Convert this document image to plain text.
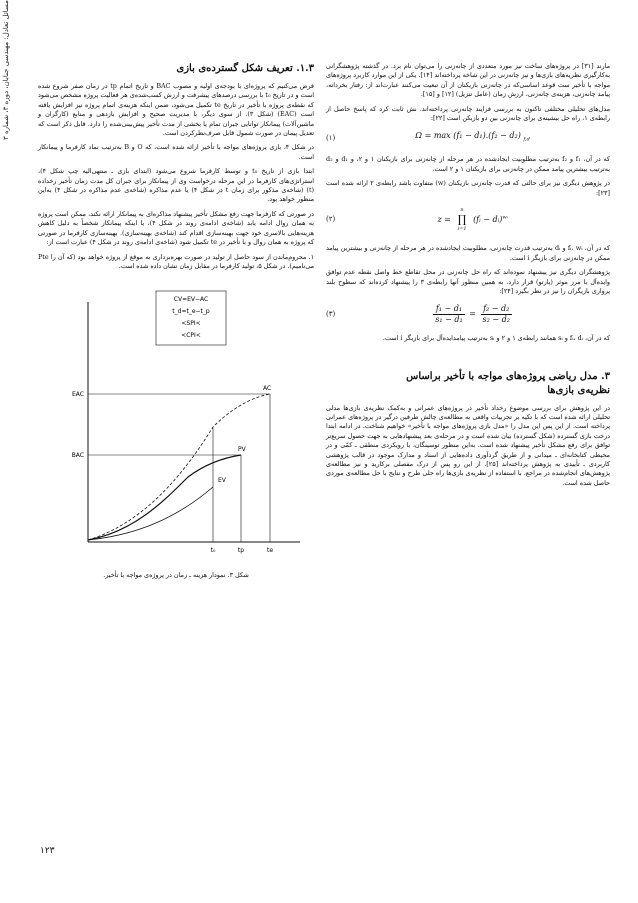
مسائل تعادل: مهندسی جنابان، دوره ۳، شماره ۳	مارند [۳۱] در پروژه‌های ساخت نیز مورد متعددی از چانه‌زنی را می‌توان نام برد. در گذشته پژوهشگرانی به‌کارگیری نظریه‌های بازی‌ها و نیز چانه‌زنی در این شاخه پرداخته‌اند [۱۴]. یکی از این موارد کاربرد پروژه‌های مواجه با تأخیر ست قوعد اساسی‌که در چانه‌زنی بازیکنان از آن تبعیت می‌کنند عبارت‌اند از: رفتار بخردانه، پیامد چانه‌زنی، هزینه‌ی چانه‌زنی، ارزش زمان (عامل تنزیل) [۱۲] و [۱۵].

مدل‌های تحلیلی مختلفی تاکنون به بررسی فرایند چانه‌زنی پرداخته‌اند. نش ثابت کرد که پاسخ حاصل از رابطه‌ی ۱، راه حل بیشینه‌ی برای چانه‌زنی بین دو بازیکن است [۲۲]:

(۱)	Ω = max (f₁ − d₁).(f₂ − d₂) $_{f,d}$

که در آن، f₁ و f₂ به‌ترتیب مطلوبیت ایجادشده در هر مرحله از چانه‌زنی برای بازیکنان ۱ و ۲، و d₁ و d₂ به‌ترتیب بیشترین پیامد ممکن در چانه‌زنی برای بازیکنان ۱ و ۲ است.

در پژوهش دیگری نیز برای حالتی که قدرت چانه‌زنی بازیکنان (w) متفاوت باشد رابطه‌ی ۲ ارائه شده است [۲۳]:

(۲)	z =
n
∏
i=1
(fᵢ − dᵢ)$^{wᵢ}$

که در آن، fᵢ، wᵢ و dᵢ به‌ترتیب قدرت چانه‌زنی، مطلوبیت ایجادشده در هر مرحله از چانه‌زنی و بیشترین پیامد ممکن در چانه‌زنی برای بازیگر i است.

پژوهشگران دیگری نیز پیشنهاد نموده‌اند که راه حل چانه‌زنی در محل تقاطع خط واصل نقطه عدم توافق وایده‌آل با مرز موثر (پارتو) قرار دارد. به همین منظور آنها رابطه‌ی ۳ را پیشنهاد کرده‌اند که سطوح بلند پروازی بازیگران را نیز در نظر بگیرد [۲۴]:

(۳)	$\frac{\text{f₁ − d₁}}{\text{s₁ − d₁}} = \frac{\text{f₂ − d₂}}{\text{s₂ − d₂}}$

که در آن، fᵢ، dᵢ و sᵢ همانند رابطه‌ی ۱ و ۲ و sᵢ به‌ترتیب پیامدایده‌آل برای بازیگر i است.

۳. مدل ریاضی پروژه‌های مواجه با تأخیر براساس
نظریه‌ی بازی‌ها

در این پژوهش برای بررسی موضوع رخداد تأخیر در پروژه‌های عمرانی و به‌کمک نظریه‌ی بازی‌ها مدلی تحلیلی ارائه شده است که با تکیه بر تجربیات واقعی به مطالعه‌ی چالش طرفین درگیر در پروژه‌های عمرانی پرداخته است. از این پس این مدل را «مدل بازی پروژه‌های مواجه با تأخیر» خواهیم شناخت. در ادامه ابتدا درخت بازی گسترده (شکل گسترده) بیان شده است و در مرحله‌ی بعد پیشنهادهایی به جهت حصول سریع‌تر توافق برای رفع مشکل تأخیر پیشنهاد شده است. به‌این منظور توسینگان، با رویکردی منطقی ـ کمّی و در محیطی کتابخانه‌ای ـ میدانی و از طریق گردآوری داده‌هایی از اسناد و مدارک موجود در قالب پژوهشی کاربردی ـ تأییدی به پژوهش پرداخته‌اند [۲۵]. از این رو پس از درک مفصلی برکارید و نیز مطالعه‌ی پژوهش‌های انجام‌شده در مراجع، با استفاده از نظریه‌ی بازی‌ها راه حلی طرح و نتایج با حل مطالعه‌ی موردی حاصل شده است.

۱.۳. تعریف شکل گسترده‌ی بازی

فرض می‌کنیم که پروژه‌ای با بودجه‌ی اولیه و مصوب BAC و تاریخ اتمام tp در زمان صفر شروع شده است و در تاریخ t₀ با بررسی درصدهای پیشرفت و ارزش کسب‌شده‌ی هر فعالیت پروژه مشخص می‌شود که نقطه‌ی پروژه با تأخیر در تاریخ te تکمیل می‌شود، ضمن اینکه هزینه‌ی اتمام پروژه نیز افزایش یافته است (EAC) (شکل ۳). از سوی دیگر، با مدیریت صحیح و افزایش بازدهی و منابع (کارگران و ماشین‌آلات) پیمانکار توانایی جبران تمام یا بخشی از مدت تأخیر پیش‌بینی‌شده را دارد. قابل ذکر است که تعدیل پیمان در صورت شمول قابل صرف‌نظرکردن است.

در شکل ۴، بازی پروژه‌های مواجه با تأخیر ارائه شده است، که O و B به‌ترتیب نماد کارفرما و پیمانکار است.

ابتدا بازی از تاریخ t₀ و توسط کارفرما شروع می‌شود (ابتدای بازی ـ منتهی‌الیه چپ شکل ۴)، استراتژی‌های کارفرما در این مرحله درخواست وی از پیمانکار برای جبران کل مدت زمان تأخیر رخداده (t) (شاخه‌ی مذکور برای زمان t در شکل ۴) یا عدم مذاکره (شاخه‌ی عدم مذاکره در شکل ۴) به‌این منظور خواهد بود.

در صورتی که کارفرما جهت رفع مشکل تأخیر پیشنهاد مذاکره‌ای به پیمانکار ارائه نکند، ممکن است پروژه به همان روال ادامه یابد (شاخه‌ی ادامه‌ی روند در شکل ۴)، یا اینکه پیمانکار شخصاً به دلیل کاهش هزینه‌هایی بالاسری خود جهت بهینه‌سازی اقدام کند (شاخه‌ی بهینه‌سازی). بهینه‌سازی کارفرما در صورتی که پروژه به همان روال و با تأخیر در te تکمیل شود (شاخه‌ی ادامه‌ی روند در شکل ۴) عبارت است از:

۱. محروم‌ماندن از سود حاصل از تولید در صورت بهره‌برداری به موقع از پروژه خواهد بود (که آن را Pte می‌نامیم). در شکل ۵، تولید کارفرما در مقابل زمان نشان داده شده است.

CV=EV−AC
t_d=t_e−t_p
<SPI<
<CPI<
EAC
BAC
AC
PV
EV
t₀	tp	te
شکل ۳. نمودار هزینه ـ زمان در پروژه‌ی مواجه با تأخیر.
۱۲۳
